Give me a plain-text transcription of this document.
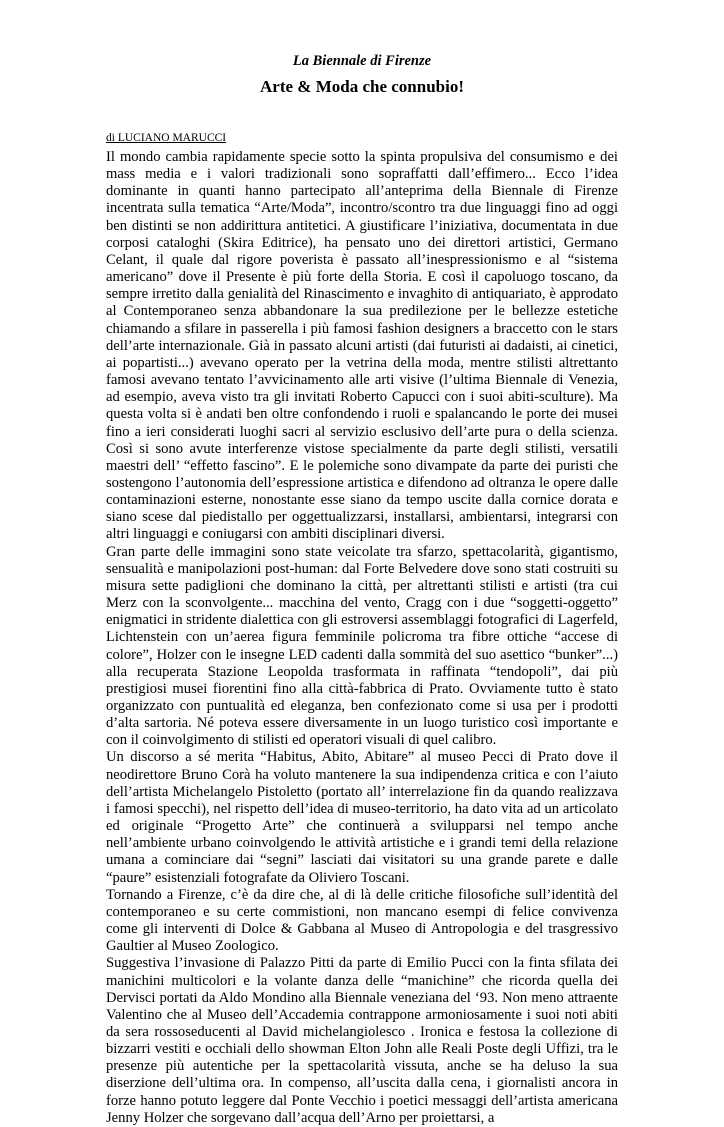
La Biennale di Firenze
Arte & Moda che connubio!
di LUCIANO MARUCCI

Il mondo cambia rapidamente specie sotto la spinta propulsiva del consumismo e dei mass media e i valori tradizionali sono sopraffatti dall’effimero... Ecco l’idea dominante in quanti hanno partecipato all’anteprima della Biennale di Firenze incentrata sulla tematica “Arte/Moda”, incontro/scontro tra due linguaggi fino ad oggi ben distinti se non addirittura antitetici. A giustificare l’iniziativa, documentata in due corposi cataloghi (Skira Editrice), ha pensato uno dei direttori artistici, Germano Celant, il quale dal rigore poverista è passato all’inespressionismo e al “sistema americano” dove il Presente è più forte della Storia. E così il capoluogo toscano, da sempre irretito dalla genialità del Rinascimento e invaghito di antiquariato, è approdato al Contemporaneo senza abbandonare la sua predilezione per le bellezze estetiche chiamando a sfilare in passerella i più famosi fashion designers a braccetto con le stars dell’arte internazionale. Già in passato alcuni artisti (dai futuristi ai dadaisti, ai cinetici, ai popartisti...) avevano operato per la vetrina della moda, mentre stilisti altrettanto famosi avevano tentato l’avvicinamento alle arti visive (l’ultima Biennale di Venezia, ad esempio, aveva visto tra gli invitati Roberto Capucci con i suoi abiti-sculture). Ma questa volta si è andati ben oltre confondendo i ruoli e spalancando le porte dei musei fino a ieri considerati luoghi sacri al servizio esclusivo dell’arte pura o della scienza. Così si sono avute interferenze vistose specialmente da parte degli stilisti, versatili maestri dell’ “effetto fascino”. E le polemiche sono divampate da parte dei puristi che sostengono l’autonomia dell’espressione artistica e difendono ad oltranza le opere dalle contaminazioni esterne, nonostante esse siano da tempo uscite dalla cornice dorata e siano scese dal piedistallo per oggettualizzarsi, installarsi, ambientarsi, integrarsi con altri linguaggi e coniugarsi con ambiti disciplinari diversi.

Gran parte delle immagini sono state veicolate tra sfarzo, spettacolarità, gigantismo, sensualità e manipolazioni post-human: dal Forte Belvedere dove sono stati costruiti su misura sette padiglioni che dominano la città, per altrettanti stilisti e artisti (tra cui Merz con la sconvolgente... macchina del vento, Cragg con i due “soggetti-oggetto” enigmatici in stridente dialettica con gli estroversi assemblaggi fotografici di Lagerfeld, Lichtenstein con un’aerea figura femminile policroma tra fibre ottiche “accese di colore”, Holzer con le insegne LED cadenti dalla sommità del suo asettico “bunker”...) alla recuperata Stazione Leopolda trasformata in raffinata “tendopoli”, dai più prestigiosi musei fiorentini fino alla città-fabbrica di Prato. Ovviamente tutto è stato organizzato con puntualità ed eleganza, ben confezionato come si usa per i prodotti d’alta sartoria. Né poteva essere diversamente in un luogo turistico così importante e con il coinvolgimento di stilisti ed operatori visuali di quel calibro.

Un discorso a sé merita “Habitus, Abito, Abitare” al museo Pecci di Prato dove il neodirettore Bruno Corà ha voluto mantenere la sua indipendenza critica e con l’aiuto dell’artista Michelangelo Pistoletto (portato all’ interrelazione fin da quando realizzava i famosi specchi), nel rispetto dell’idea di museo-territorio, ha dato vita ad un articolato ed originale “Progetto Arte” che continuerà a svilupparsi nel tempo anche nell’ambiente urbano coinvolgendo le attività artistiche e i grandi temi della relazione umana a cominciare dai “segni” lasciati dai visitatori su una grande parete e dalle “paure” esistenziali fotografate da Oliviero Toscani.

Tornando a Firenze, c’è da dire che, al di là delle critiche filosofiche sull’identità del contemporaneo e su certe commistioni, non mancano esempi di felice convivenza come gli interventi di Dolce & Gabbana al Museo di Antropologia e del trasgressivo Gaultier al Museo Zoologico.

Suggestiva l’invasione di Palazzo Pitti da parte di Emilio Pucci con la finta sfilata dei manichini multicolori e la volante danza delle “manichine” che ricorda quella dei Dervisci portati da Aldo Mondino alla Biennale veneziana del ‘93. Non meno attraente Valentino che al Museo dell’Accademia contrappone armoniosamente i suoi noti abiti da sera rossoseducenti al David michelangiolesco . Ironica e festosa la collezione di bizzarri vestiti e occhiali dello showman Elton John alle Reali Poste degli Uffizi, tra le presenze più autentiche per la spettacolarità vissuta, anche se ha deluso la sua diserzione dell’ultima ora. In compenso, all’uscita dalla cena, i giornalisti ancora in forze hanno potuto leggere dal Ponte Vecchio i poetici messaggi dell’artista americana Jenny Holzer che sorgevano dall’acqua dell’Arno per proiettarsi, a
